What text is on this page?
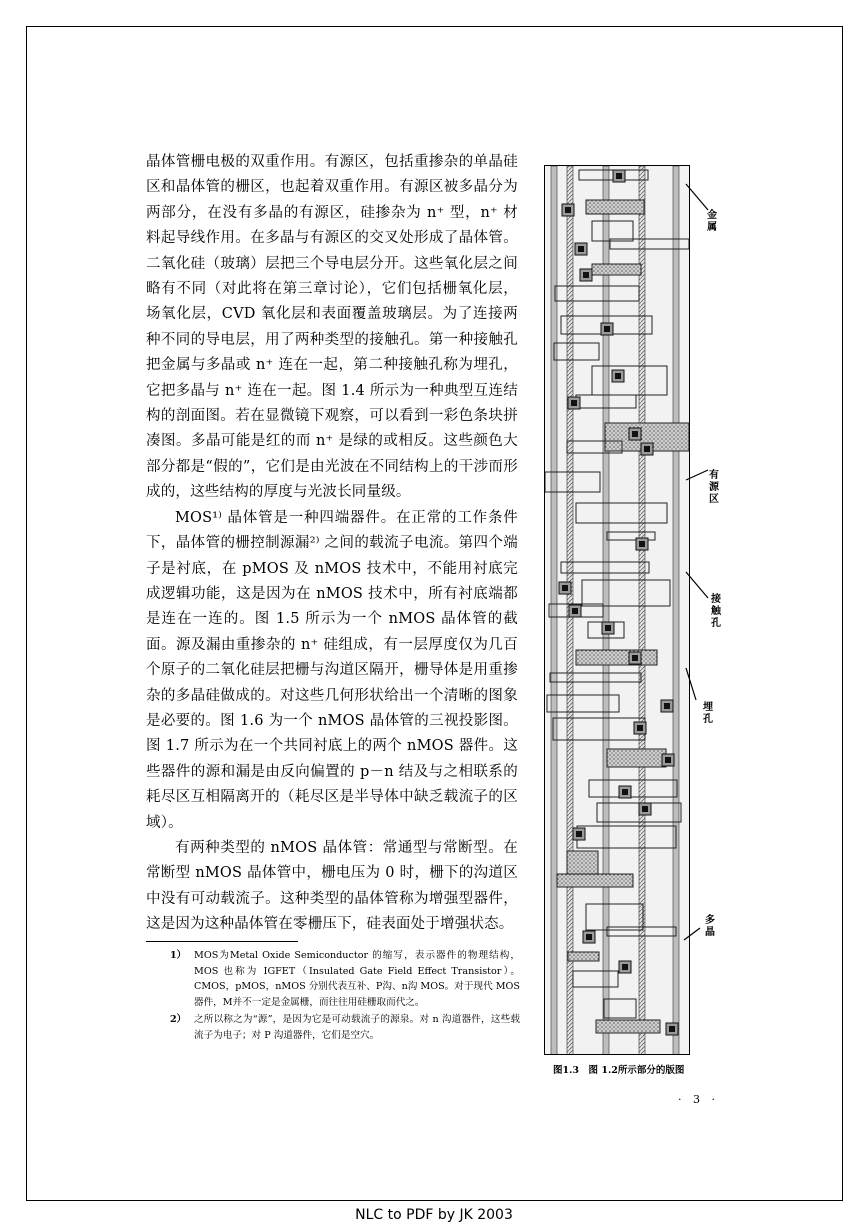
晶体管栅电极的双重作用。有源区，包括重掺杂的单晶硅区和晶体管的栅区，也起着双重作用。有源区被多晶分为两部分，在没有多晶的有源区，硅掺杂为 n⁺ 型，n⁺ 材料起导线作用。在多晶与有源区的交叉处形成了晶体管。二氧化硅（玻璃）层把三个导电层分开。这些氧化层之间略有不同（对此将在第三章讨论），它们包括栅氧化层，场氧化层，CVD 氧化层和表面覆盖玻璃层。为了连接两种不同的导电层，用了两种类型的接触孔。第一种接触孔把金属与多晶或 n⁺ 连在一起，第二种接触孔称为埋孔，它把多晶与 n⁺ 连在一起。图 1.4 所示为一种典型互连结构的剖面图。若在显微镜下观察，可以看到一彩色条块拼凑图。多晶可能是红的而 n⁺ 是绿的或相反。这些颜色大部分都是“假的”，它们是由光波在不同结构上的干涉而形成的，这些结构的厚度与光波长同量级。

MOS¹⁾ 晶体管是一种四端器件。在正常的工作条件下，晶体管的栅控制源漏²⁾ 之间的载流子电流。第四个端子是衬底，在 pMOS 及 nMOS 技术中，不能用衬底完成逻辑功能，这是因为在 nMOS 技术中，所有衬底端都是连在一连的。图 1.5 所示为一个 nMOS 晶体管的截面。源及漏由重掺杂的 n⁺ 硅组成，有一层厚度仅为几百个原子的二氧化硅层把栅与沟道区隔开，栅导体是用重掺杂的多晶硅做成的。对这些几何形状给出一个清晰的图象是必要的。图 1.6 为一个 nMOS 晶体管的三视投影图。图 1.7 所示为在一个共同衬底上的两个 nMOS 器件。这些器件的源和漏是由反向偏置的 p－n 结及与之相联系的耗尽区互相隔离开的（耗尽区是半导体中缺乏载流子的区域）。

有两种类型的 nMOS 晶体管：常通型与常断型。在常断型 nMOS 晶体管中，栅电压为 0 时，栅下的沟道区中没有可动载流子。这种类型的晶体管称为增强型器件，这是因为这种晶体管在零栅压下，硅表面处于增强状态。

1） MOS为Metal Oxide Semiconductor 的缩写，表示器件的物理结构，MOS 也称为 IGFET（Insulated Gate Field Effect Transistor）。CMOS，pMOS，nMOS 分别代表互补、P沟、n沟 MOS。对于现代 MOS 器件，M并不一定是金属栅，而往往用硅栅取而代之。
2） 之所以称之为“源”，是因为它是可动载流子的源泉。对 n 沟道器件，这些载流子为电子；对 P 沟道器件，它们是空穴。
金属
有源区
接触孔
埋孔
多晶
图1.3　图 1.2所示部分的版图
· 3 ·
NLC to PDF by JK 2003
